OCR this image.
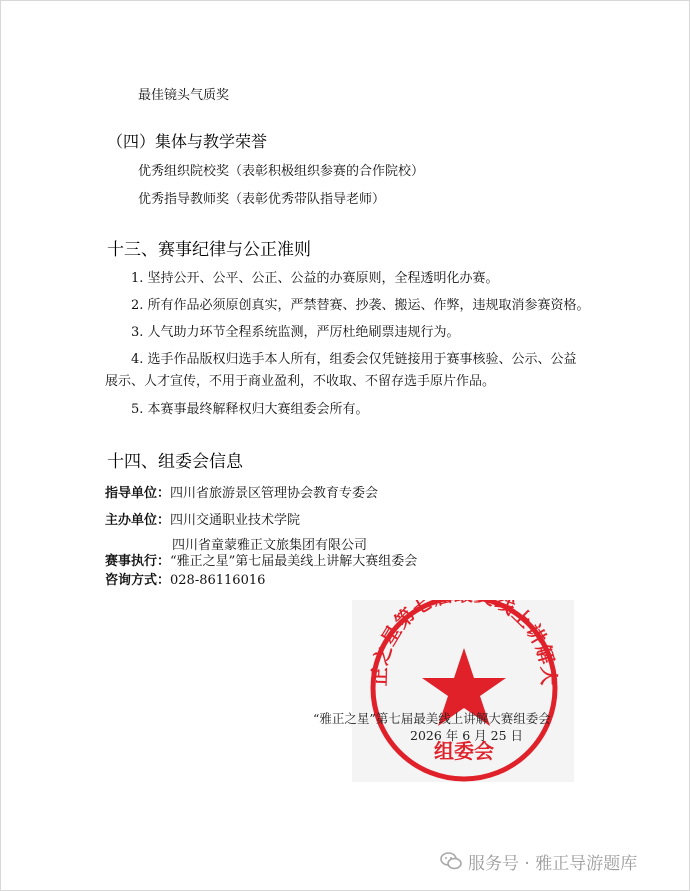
最佳镜头气质奖
（四）集体与教学荣誉
优秀组织院校奖（表彰积极组织参赛的合作院校）
优秀指导教师奖（表彰优秀带队指导老师）
十三、赛事纪律与公正准则
1. 坚持公开、公平、公正、公益的办赛原则，全程透明化办赛。
2. 所有作品必须原创真实，严禁替赛、抄袭、搬运、作弊，违规取消参赛资格。
3. 人气助力环节全程系统监测，严厉杜绝刷票违规行为。
4. 选手作品版权归选手本人所有，组委会仅凭链接用于赛事核验、公示、公益
展示、人才宣传，不用于商业盈利，不收取、不留存选手原片作品。
5. 本赛事最终解释权归大赛组委会所有。
十四、组委会信息
指导单位：四川省旅游景区管理协会教育专委会
主办单位：四川交通职业技术学院
四川省童蒙雅正文旅集团有限公司
赛事执行：“雅正之星”第七届最美线上讲解大赛组委会
咨询方式：028-86116016
正之星第七 线上讲解大
组委会
“雅正之星”第七届最美线上讲解大赛组委会
2026 年 6 月 25 日
服务号 · 雅正导游题库
